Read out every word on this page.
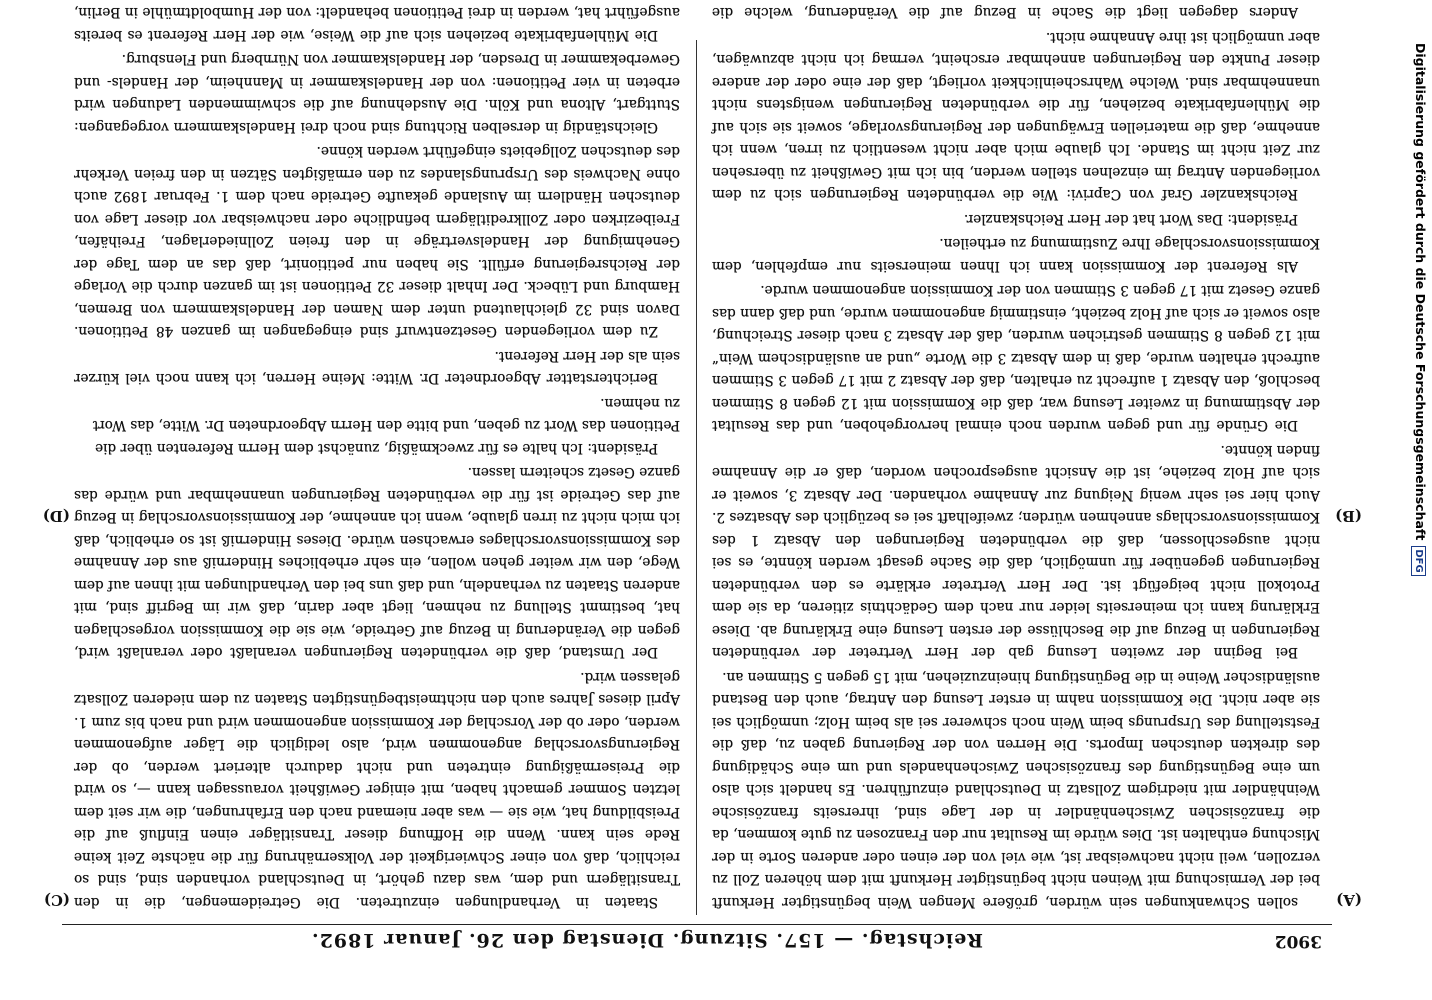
3902
Reichstag. — 157. Sitzung. Dienstag den 26. Januar 1892.
(A)
(B)
(C)
(D)

sollen Schwankungen sein würden, größere Mengen Wein begünstigter Herkunft bei der Vermischung mit Weinen nicht begünstigter Herkunft mit dem höheren Zoll zu verzollen, weil nicht nachweisbar ist, wie viel von der einen oder anderen Sorte in der Mischung enthalten ist. Dies würde im Resultat nur den Franzosen zu gute kommen, da die französischen Zwischenhändler in der Lage sind, ihrerseits französische Weinhändler mit niedrigem Zollsatz in Deutschland einzuführen. Es handelt sich also um eine Begünstigung des französischen Zwischenhandels und um eine Schädigung des direkten deutschen Imports. Die Herren von der Regierung gaben zu, daß die Feststellung des Ursprungs beim Wein noch schwerer sei als beim Holz; unmöglich sei sie aber nicht. Die Kommission nahm in erster Lesung den Antrag, auch den Bestand ausländischer Weine in die Begünstigung hineinzuziehen, mit 15 gegen 5 Stimmen an.

Bei Beginn der zweiten Lesung gab der Herr Vertreter der verbündeten Regierungen in Bezug auf die Beschlüsse der ersten Lesung eine Erklärung ab. Diese Erklärung kann ich meinerseits leider nur nach dem Gedächtnis zitieren, da sie dem Protokoll nicht beigefügt ist. Der Herr Vertreter erklärte es den verbündeten Regierungen gegenüber für unmöglich, daß die Sache gesagt werden könnte, es sei nicht ausgeschlossen, daß die verbündeten Regierungen den Absatz 1 des Kommissionsvorschlags annehmen würden; zweifelhaft sei es bezüglich des Absatzes 2. Auch hier sei sehr wenig Neigung zur Annahme vorhanden. Der Absatz 3, soweit er sich auf Holz beziehe, ist die Ansicht ausgesprochen worden, daß er die Annahme finden könnte.

Die Gründe für und gegen wurden noch einmal hervorgehoben, und das Resultat der Abstimmung in zweiter Lesung war, daß die Kommission mit 12 gegen 8 Stimmen beschloß, den Absatz 1 aufrecht zu erhalten, daß der Absatz 2 mit 17 gegen 3 Stimmen aufrecht erhalten wurde, daß in dem Absatz 3 die Worte „und an ausländischem Wein“ mit 12 gegen 8 Stimmen gestrichen wurden, daß der Absatz 3 nach dieser Streichung, also soweit er sich auf Holz bezieht, einstimmig angenommen wurde, und daß dann das ganze Gesetz mit 17 gegen 3 Stimmen von der Kommission angenommen wurde.

Als Referent der Kommission kann ich Ihnen meinerseits nur empfehlen, dem Kommissionsvorschlage Ihre Zustimmung zu ertheilen.

Präsident: Das Wort hat der Herr Reichskanzler.

Reichskanzler Graf von Caprivi: Wie die verbündeten Regierungen sich zu dem vorliegenden Antrag im einzelnen stellen werden, bin ich mit Gewißheit zu übersehen zur Zeit nicht im Stande. Ich glaube mich aber nicht wesentlich zu irren, wenn ich annehme, daß die materiellen Erwägungen der Regierungsvorlage, soweit sie sich auf die Mühlenfabrikate beziehen, für die verbündeten Regierungen wenigstens nicht unannehmbar sind. Welche Wahrscheinlichkeit vorliegt, daß der eine oder der andere dieser Punkte den Regierungen annehmbar erscheint, vermag ich nicht abzuwägen, aber unmöglich ist ihre Annahme nicht.

Anders dagegen liegt die Sache in Bezug auf die Veränderung, welche die

Staaten in Verhandlungen einzutreten. Die Getreidemengen, die in den Transitlägern und dem, was dazu gehört, in Deutschland vorhanden sind, sind so reichlich, daß von einer Schwierigkeit der Volksernährung für die nächste Zeit keine Rede sein kann. Wenn die Hoffnung dieser Transitläger einen Einfluß auf die Preisbildung hat, wie sie — was aber niemand nach den Erfahrungen, die wir seit dem letzten Sommer gemacht haben, mit einiger Gewißheit voraussagen kann —, so wird die Preisermäßigung eintreten und nicht dadurch alteriert werden, ob der Regierungsvorschlag angenommen wird, also lediglich die Läger aufgenommen werden, oder ob der Vorschlag der Kommission angenommen wird und nach bis zum 1. April dieses Jahres auch den nichtmeistbegünstigten Staaten zu dem niederen Zollsatz gelassen wird.

Der Umstand, daß die verbündeten Regierungen veranlaßt oder veranlaßt wird, gegen die Veränderung in Bezug auf Getreide, wie sie die Kommission vorgeschlagen hat, bestimmt Stellung zu nehmen, liegt aber darin, daß wir im Begriff sind, mit anderen Staaten zu verhandeln, und daß uns bei den Verhandlungen mit ihnen auf dem Wege, den wir weiter gehen wollen, ein sehr erhebliches Hinderniß aus der Annahme des Kommissionsvorschlages erwachsen würde. Dieses Hinderniß ist so erheblich, daß ich mich nicht zu irren glaube, wenn ich annehme, der Kommissionsvorschlag in Bezug auf das Getreide ist für die verbündeten Regierungen unannehmbar und würde das ganze Gesetz scheitern lassen.

Präsident: Ich halte es für zweckmäßig, zunächst dem Herrn Referenten über die Petitionen das Wort zu geben, und bitte den Herrn Abgeordneten Dr. Witte, das Wort zu nehmen.

Berichterstatter Abgeordneter Dr. Witte: Meine Herren, ich kann noch viel kürzer sein als der Herr Referent.

Zu dem vorliegenden Gesetzentwurf sind eingegangen im ganzen 48 Petitionen. Davon sind 32 gleichlautend unter dem Namen der Handelskammern von Bremen, Hamburg und Lübeck. Der Inhalt dieser 32 Petitionen ist im ganzen durch die Vorlage der Reichsregierung erfüllt. Sie haben nur petitionirt, daß das an dem Tage der Genehmigung der Handelsverträge in den freien Zollniederlagen, Freihäfen, Freibezirken oder Zollkreditlägern befindliche oder nachweisbar vor dieser Lage von deutschen Händlern im Auslande gekaufte Getreide nach dem 1. Februar 1892 auch ohne Nachweis des Ursprungslandes zu den ermäßigten Sätzen in den freien Verkehr des deutschen Zollgebiets eingeführt werden könne.

Gleichständig in derselben Richtung sind noch drei Handelskammern vorgegangen: Stuttgart, Altona und Köln. Die Ausdehnung auf die schwimmenden Ladungen wird erbeten in vier Petitionen: von der Handelskammer in Mannheim, der Handels- und Gewerbekammer in Dresden, der Handelskammer von Nürnberg und Flensburg.

Die Mühlenfabrikate beziehen sich auf die Weise, wie der Herr Referent es bereits ausgeführt hat, werden in drei Petitionen behandelt: von der Humboldtmühle in Berlin,

Digitalisierung gefördert durch die Deutsche ForschungsgemeinschaftDFG
